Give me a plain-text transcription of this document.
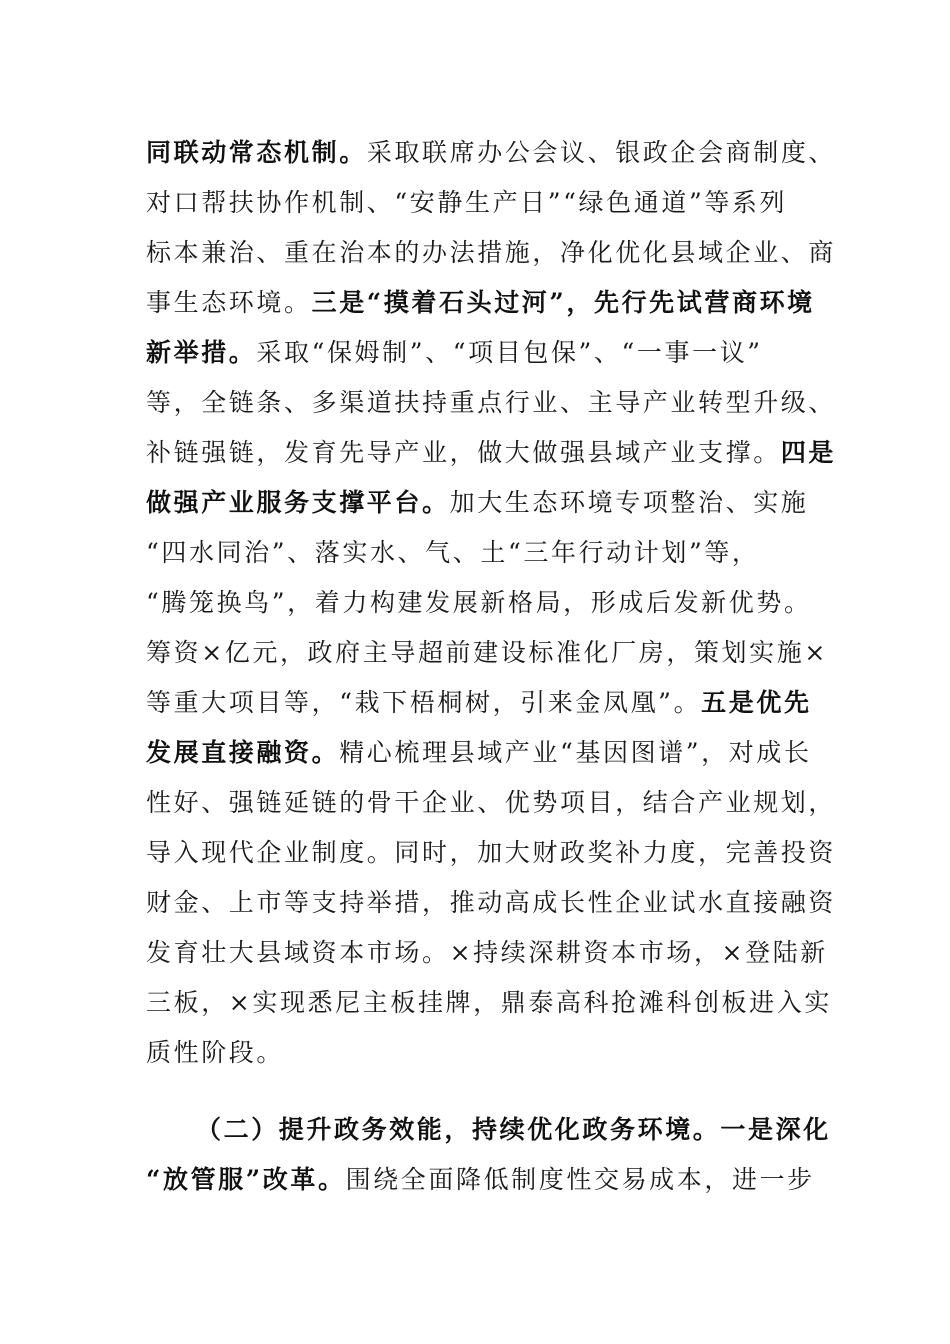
同联动常态机制。采取联席办公会议、银政企会商制度、
对口帮扶协作机制、“安静生产日”“绿色通道”等系列
标本兼治、重在治本的办法措施，净化优化县域企业、商
事生态环境。三是“摸着石头过河”，先行先试营商环境
新举措。采取“保姆制”、“项目包保”、“一事一议”
等，全链条、多渠道扶持重点行业、主导产业转型升级、
补链强链，发育先导产业，做大做强县域产业支撑。四是
做强产业服务支撑平台。加大生态环境专项整治、实施
“四水同治”、落实水、气、土“三年行动计划”等，
“腾笼换鸟”，着力构建发展新格局，形成后发新优势。
筹资×亿元，政府主导超前建设标准化厂房，策划实施×
等重大项目等，“栽下梧桐树，引来金凤凰”。五是优先
发展直接融资。精心梳理县域产业“基因图谱”，对成长
性好、强链延链的骨干企业、优势项目，结合产业规划，
导入现代企业制度。同时，加大财政奖补力度，完善投资
财金、上市等支持举措，推动高成长性企业试水直接融资
发育壮大县域资本市场。×持续深耕资本市场，×登陆新
三板，×实现悉尼主板挂牌，鼎泰高科抢滩科创板进入实
质性阶段。
（二）提升政务效能，持续优化政务环境。一是深化
“放管服”改革。围绕全面降低制度性交易成本，进一步
